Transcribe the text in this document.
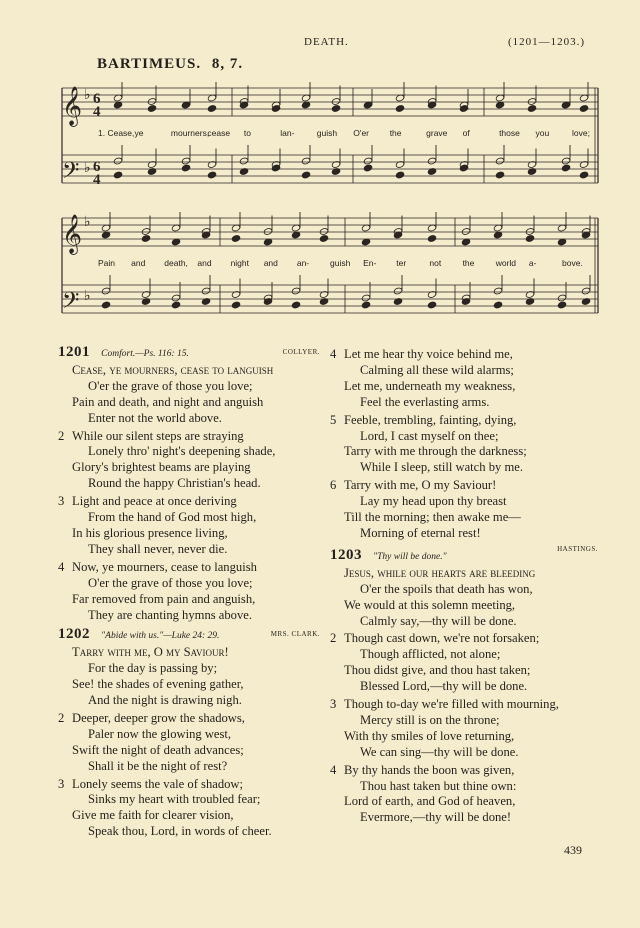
DEATH.	(1201—1203.)
BARTIMEUS. 8, 7.
𝄞
𝄢
𝄞
𝄢
♭
♭
♭
♭
6
4
6
4
1. Cease, ye	mourners,
cease to	lan-	guish O'er the	grave of	those you	love;
Pain and death, and night and an- guish En- ter	not	the	world a-	bove.
1201 Comfort.—Ps. 116: 15.	COLLYER.
Cease, ye mourners, cease to languish
O'er the grave of those you love;
Pain and death, and night and anguish
Enter not the world above.
2 While our silent steps are straying
Lonely thro' night's deepening shade,
Glory's brightest beams are playing
Round the happy Christian's head.
3 Light and peace at once deriving
From the hand of God most high,
In his glorious presence living,
They shall never, never die.
4 Now, ye mourners, cease to languish
O'er the grave of those you love;
Far removed from pain and anguish,
They are chanting hymns above.
1202 "Abide with us."—Luke 24: 29.	MRS. CLARK.
Tarry with me, O my Saviour!
For the day is passing by;
See! the shades of evening gather,
And the night is drawing nigh.
2 Deeper, deeper grow the shadows,
Paler now the glowing west,
Swift the night of death advances;
Shall it be the night of rest?
3 Lonely seems the vale of shadow;
Sinks my heart with troubled fear;
Give me faith for clearer vision,
Speak thou, Lord, in words of cheer.
4 Let me hear thy voice behind me,
Calming all these wild alarms;
Let me, underneath my weakness,
Feel the everlasting arms.
5 Feeble, trembling, fainting, dying,
Lord, I cast myself on thee;
Tarry with me through the darkness;
While I sleep, still watch by me.
6 Tarry with me, O my Saviour!
Lay my head upon thy breast
Till the morning; then awake me—
Morning of eternal rest!
1203 "Thy will be done."
HASTINGS.
Jesus, while our hearts are bleeding
O'er the spoils that death has won,
We would at this solemn meeting,
Calmly say,—thy will be done.
2 Though cast down, we're not forsaken;
Though afflicted, not alone;
Thou didst give, and thou hast taken;
Blessed Lord,—thy will be done.
3 Though to-day we're filled with mourning,
Mercy still is on the throne;
With thy smiles of love returning,
We can sing—thy will be done.
4 By thy hands the boon was given,
Thou hast taken but thine own:
Lord of earth, and God of heaven,
Evermore,—thy will be done!
439
